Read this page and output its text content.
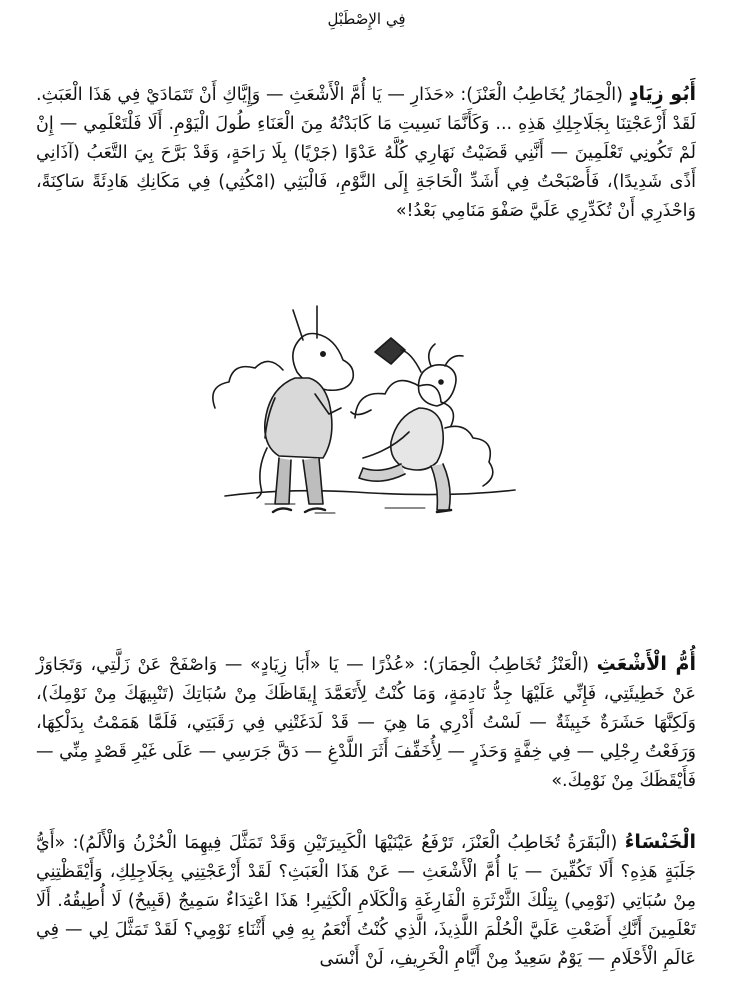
فِي الإِصْطَبْلِ

أَبُو زِيَادٍ (الْحِمَارُ يُخَاطِبُ الْعَنْزَ): «حَذَارِ — يَا أُمَّ الْأَشْعَثِ — وَإِيَّاكِ أَنْ تَتَمَادَيْ فِي هَذَا الْعَبَثِ. لَقَدْ أَزْعَجْتِنَا بِجَلَاجِلِكِ هَذِهِ ... وَكَأَنَّمَا نَسِيتِ مَا كَابَدْتُهُ مِنَ الْعَنَاءِ طُولَ الْيَوْمِ. أَلَا فَلْتَعْلَمِي — إِنْ لَمْ تَكُونِي تَعْلَمِينَ — أَنَّنِي قَضَيْتُ نَهَارِي كُلَّهُ عَدْوًا (جَرْيًا) بِلَا رَاحَةٍ، وَقَدْ بَرَّحَ بِيَ التَّعَبُ (آذَانِي أَذًى شَدِيدًا)، فَأَصْبَحْتُ فِي أَشَدِّ الْحَاجَةِ إِلَى النَّوْمِ، فَالْبَثِي (امْكُثِي) فِي مَكَانِكِ هَادِئَةً سَاكِنَةً، وَاحْذَرِي أَنْ تُكَدِّرِي عَلَيَّ صَفْوَ مَنَامِي بَعْدُ!»

أُمُّ الْأَشْعَثِ (الْعَنْزُ تُخَاطِبُ الْحِمَارَ): «عُذْرًا — يَا «أَبَا زِيَادٍ» — وَاصْفَحْ عَنْ زَلَّتِي، وَتَجَاوَزْ عَنْ خَطِيئَتِي، فَإِنِّي عَلَيْهَا جِدُّ نَادِمَةٍ، وَمَا كُنْتُ لِأَتَعَمَّدَ إِيقَاظَكَ مِنْ سُبَاتِكَ (تَنْبِيهَكَ مِنْ نَوْمِكَ)، وَلَكِنَّهَا حَشَرَةٌ خَبِيثَةٌ — لَسْتُ أَدْرِي مَا هِيَ — قَدْ لَدَغَتْنِي فِي رَقَبَتِي، فَلَمَّا هَمَمْتُ بِدَلْكِهَا، وَرَفَعْتُ رِجْلِي — فِي خِفَّةٍ وَحَذَرٍ — لِأُخَفِّفَ أَثَرَ اللَّدْغِ — دَقَّ جَرَسِي — عَلَى غَيْرِ قَصْدٍ مِنِّي — فَأَيْقَظَكَ مِنْ نَوْمِكَ.»

الْخَنْسَاءُ (الْبَقَرَةُ تُخَاطِبُ الْعَنْزَ، تَرْفَعُ عَيْنَيْهَا الْكَبِيرَتَيْنِ وَقَدْ تَمَثَّلَ فِيهِمَا الْحُزْنُ وَالْأَلَمُ): «أَيُّ جَلَبَةٍ هَذِهِ؟ أَلَا تَكُفِّينَ — يَا أُمَّ الْأَشْعَثِ — عَنْ هَذَا الْعَبَثِ؟ لَقَدْ أَزْعَجْتِنِي بِجَلَاجِلِكِ، وَأَيْقَظْتِنِي مِنْ سُبَاتِي (نَوْمِي) بِتِلْكَ الثَّرْثَرَةِ الْفَارِغَةِ وَالْكَلَامِ الْكَثِيرِ! هَذَا اعْتِدَاءٌ سَمِيجٌ (قَبِيحٌ) لَا أُطِيقُهُ. أَلَا تَعْلَمِينَ أَنَّكِ أَضَعْتِ عَلَيَّ الْحُلْمَ اللَّذِيذَ، الَّذِي كُنْتُ أَنْعَمُ بِهِ فِي أَثْنَاءِ نَوْمِي؟ لَقَدْ تَمَثَّلَ لِي — فِي عَالَمِ الْأَحْلَامِ — يَوْمٌ سَعِيدٌ مِنْ أَيَّامِ الْخَرِيفِ، لَنْ أَنْسَى
